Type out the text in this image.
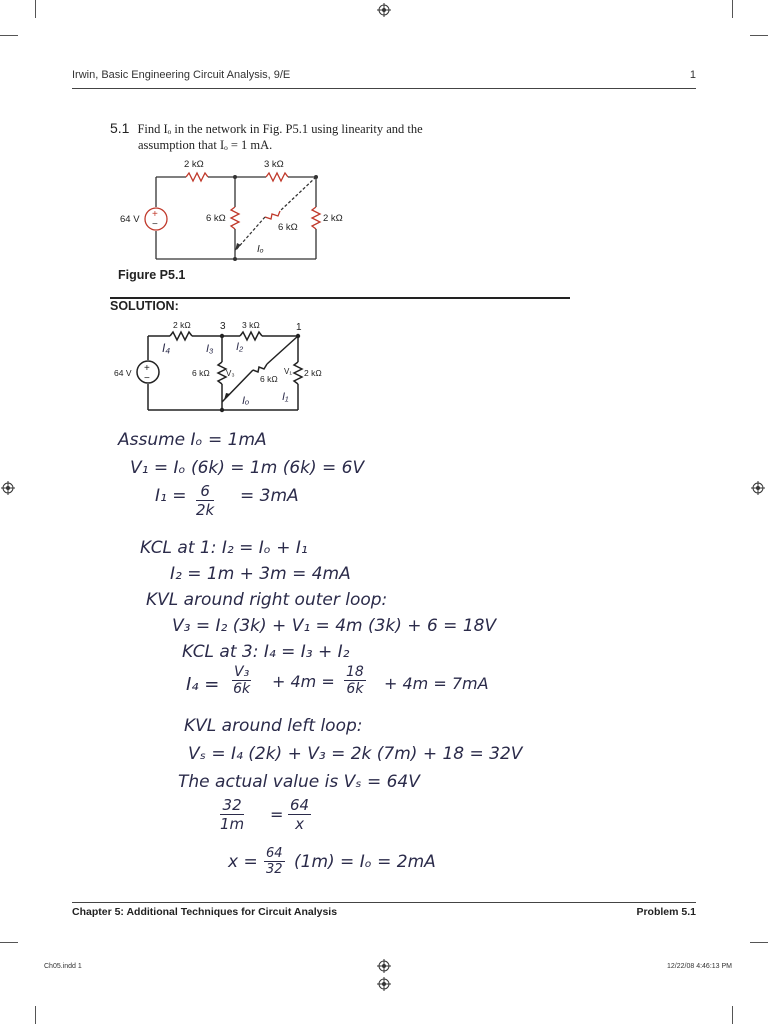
Irwin, Basic Engineering Circuit Analysis, 9/E	1
5.1 Find Iₒ in the network in Fig. P5.1 using linearity and the
assumption that Iₒ = 1 mA.
+
−
2 kΩ	3 kΩ
6 kΩ
6 kΩ
2 kΩ
64 V
Iₒ
Figure P5.1
SOLUTION:
+
−
2 kΩ	3 kΩ
3	1
6 kΩ
6 kΩ
2 kΩ
64 V
I₄	I₃ I₂
V₃	V₁
I₁
Iₒ
Assume Iₒ = 1mA
V₁ = Iₒ (6k) = 1m (6k) = 6V
$I_1 = \frac{6}{2k} = 3mA$
KCL at 1: I₂ = Iₒ + I₁
I₂ = 1m + 3m = 4mA
KVL around right outer loop:
V₃ = I₂ (3k) + V₁ = 4m (3k) + 6 = 18V
KCL at 3: I₄ = I₃ + I₂
$I_4 = \frac{\text{V₃}}{6k} + 4m = \frac{18}{6k} + 4m = 7mA$
KVL around left loop:
Vₛ = I₄ (2k) + V₃ = 2k (7m) + 18 = 32V
The actual value is Vₛ = 64V
$\frac{32}{1m} = \frac{64}{x}$
$x = \frac{64}{32} (1m) = I_o = 2mA$
Chapter 5: Additional Techniques for Circuit Analysis	Problem 5.1
Ch05.indd 1	12/22/08 4:46:13 PM
